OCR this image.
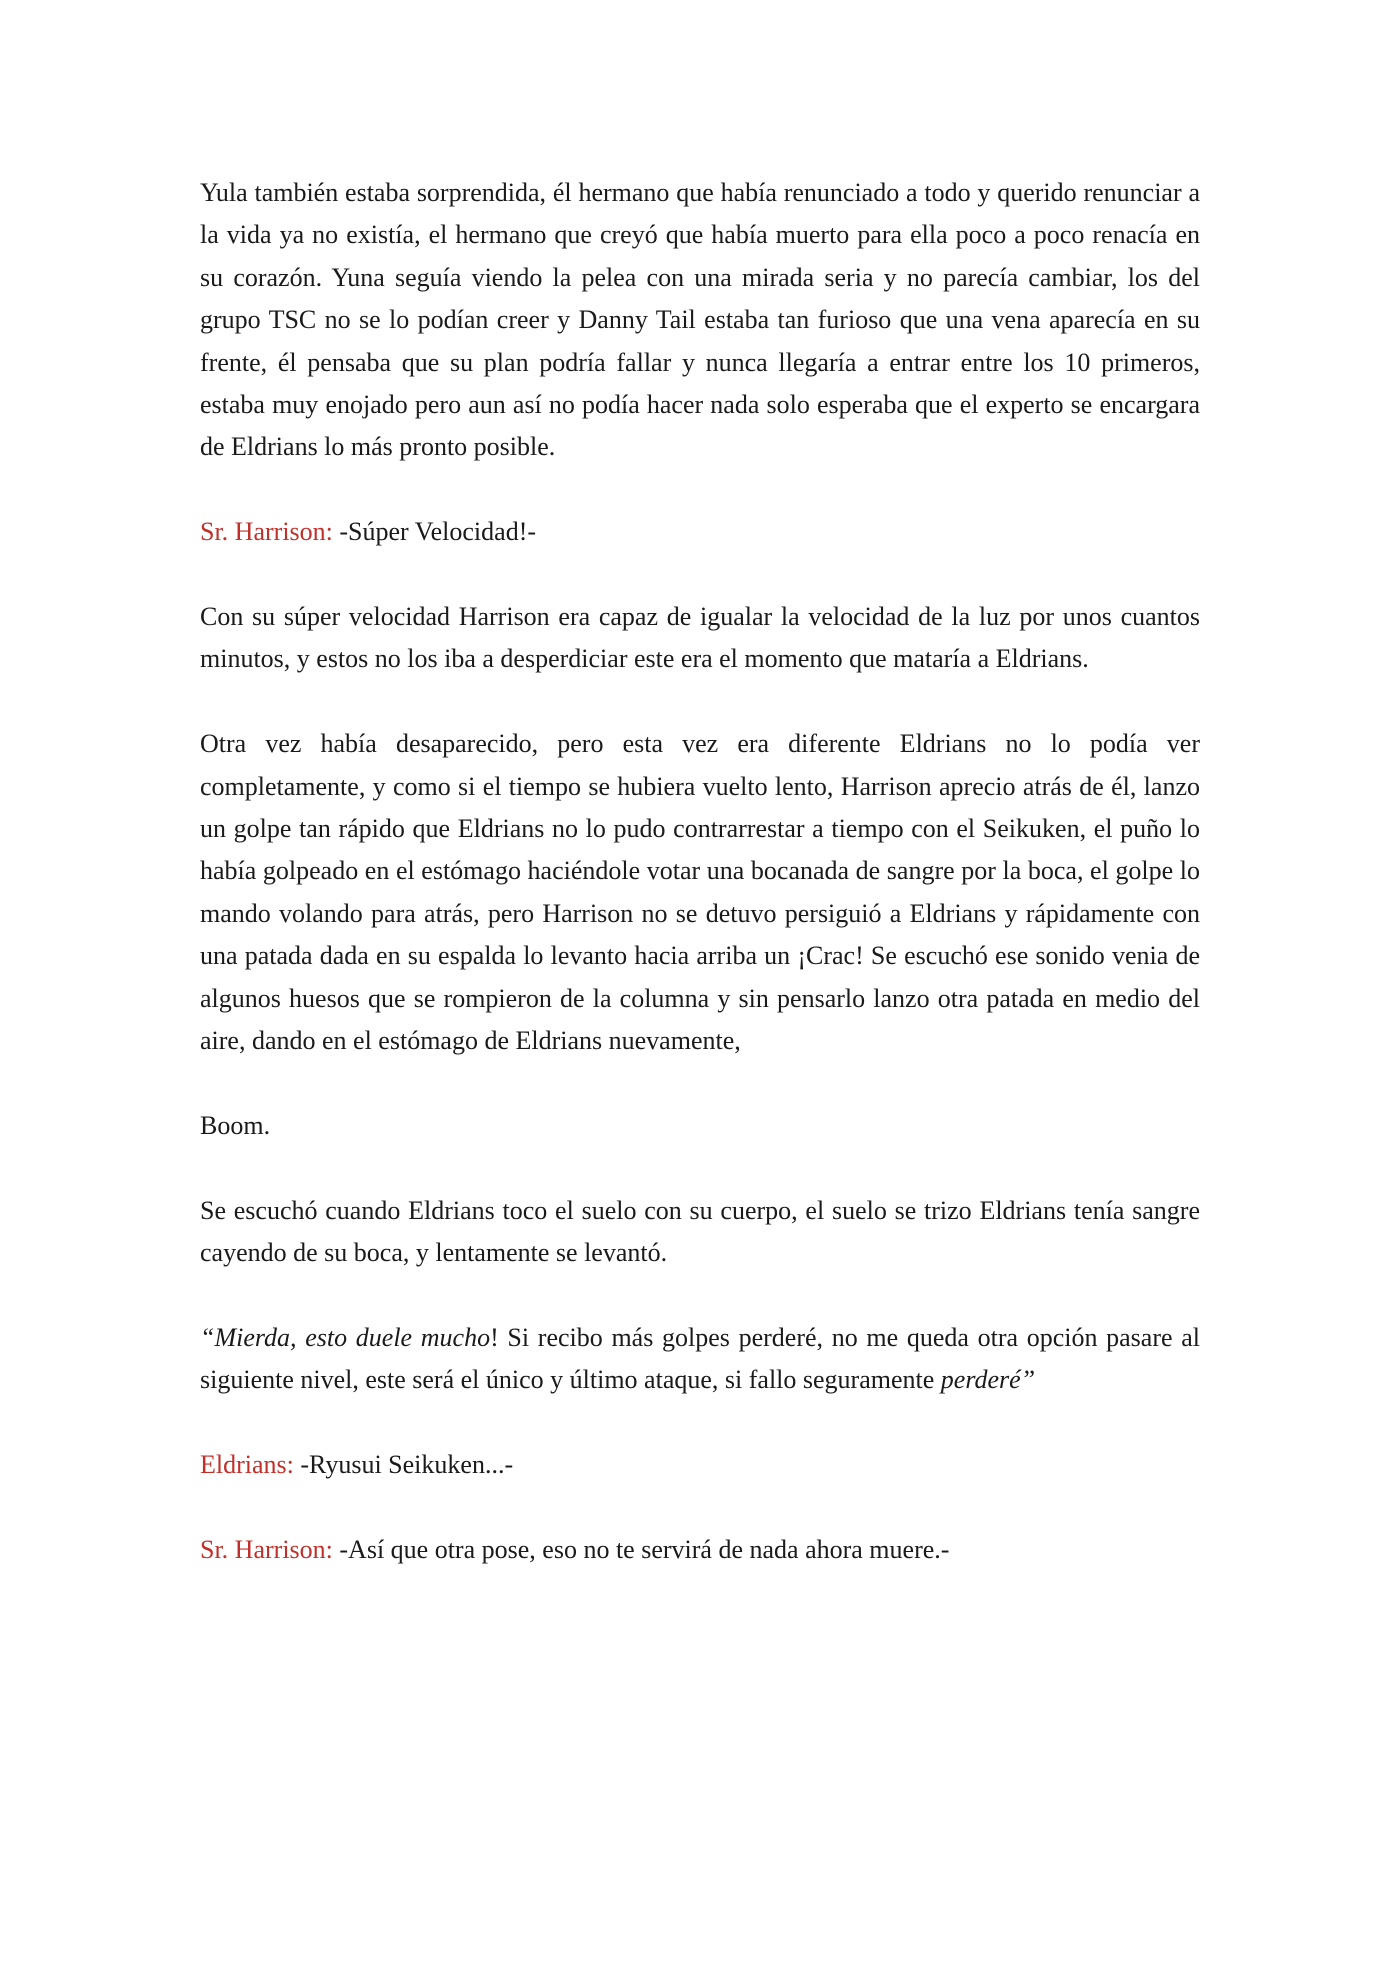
Yula también estaba sorprendida, él hermano que había renunciado a todo y querido renunciar a la vida ya no existía, el hermano que creyó que había muerto para ella poco a poco renacía en su corazón. Yuna seguía viendo la pelea con una mirada seria y no parecía cambiar, los del grupo TSC no se lo podían creer y Danny Tail estaba tan furioso que una vena aparecía en su frente, él pensaba que su plan podría fallar y nunca llegaría a entrar entre los 10 primeros, estaba muy enojado pero aun así no podía hacer nada solo esperaba que el experto se encargara de Eldrians lo más pronto posible.

Sr. Harrison: -Súper Velocidad!-

Con su súper velocidad Harrison era capaz de igualar la velocidad de la luz por unos cuantos minutos, y estos no los iba a desperdiciar este era el momento que mataría a Eldrians.

Otra vez había desaparecido, pero esta vez era diferente Eldrians no lo podía ver completamente, y como si el tiempo se hubiera vuelto lento, Harrison aprecio atrás de él, lanzo un golpe tan rápido que Eldrians no lo pudo contrarrestar a tiempo con el Seikuken, el puño lo había golpeado en el estómago haciéndole votar una bocanada de sangre por la boca, el golpe lo mando volando para atrás, pero Harrison no se detuvo persiguió a Eldrians y rápidamente con una patada dada en su espalda lo levanto hacia arriba un ¡Crac! Se escuchó ese sonido venia de algunos huesos que se rompieron de la columna y sin pensarlo lanzo otra patada en medio del aire, dando en el estómago de Eldrians nuevamente,

Boom.

Se escuchó cuando Eldrians toco el suelo con su cuerpo, el suelo se trizo Eldrians tenía sangre cayendo de su boca, y lentamente se levantó.

“Mierda, esto duele mucho! Si recibo más golpes perderé, no me queda otra opción pasare al siguiente nivel, este será el único y último ataque, si fallo seguramente perderé”

Eldrians: -Ryusui Seikuken...-

Sr. Harrison: -Así que otra pose, eso no te servirá de nada ahora muere.-
